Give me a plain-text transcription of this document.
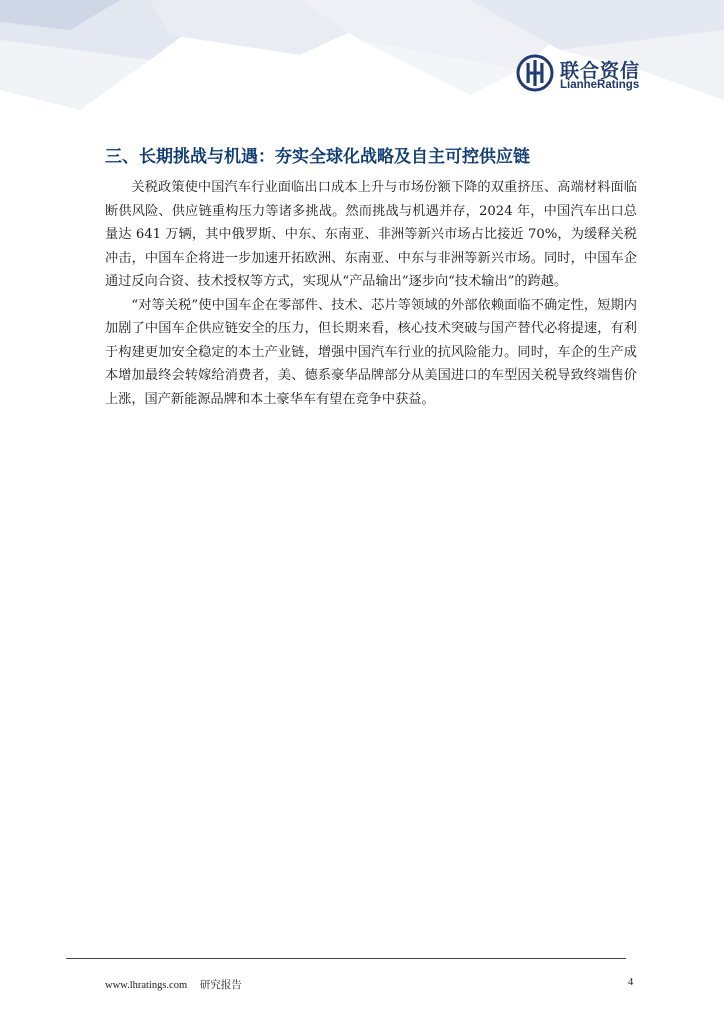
联合资信
LianheRatings
三、长期挑战与机遇：夯实全球化战略及自主可控供应链

关税政策使中国汽车行业面临出口成本上升与市场份额下降的双重挤压、高端材料面临断供风险、供应链重构压力等诸多挑战。然而挑战与机遇并存，2024 年，中国汽车出口总量达 641 万辆，其中俄罗斯、中东、东南亚、非洲等新兴市场占比接近 70%，为缓释关税冲击，中国车企将进一步加速开拓欧洲、东南亚、中东与非洲等新兴市场。同时，中国车企通过反向合资、技术授权等方式，实现从“产品输出”逐步向“技术输出”的跨越。

“对等关税”使中国车企在零部件、技术、芯片等领域的外部依赖面临不确定性，短期内加剧了中国车企供应链安全的压力，但长期来看，核心技术突破与国产替代必将提速，有利于构建更加安全稳定的本土产业链，增强中国汽车行业的抗风险能力。同时，车企的生产成本增加最终会转嫁给消费者，美、德系豪华品牌部分从美国进口的车型因关税导致终端售价上涨，国产新能源品牌和本土豪华车有望在竞争中获益。

www.lhratings.com 研究报告	4
